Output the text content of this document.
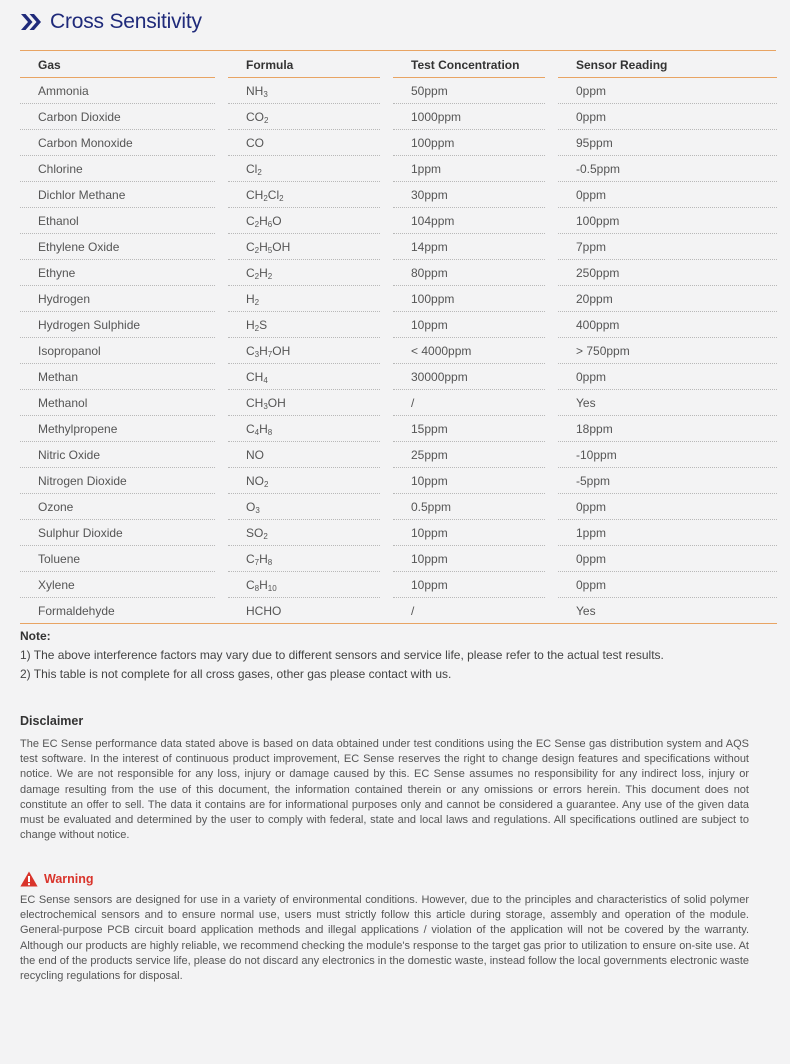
Cross Sensitivity
Gas		Formula		Test Concentration		Sensor Reading
Ammonia		$NH_3$		50ppm		0ppm
Carbon Dioxide		$CO_2$		1000ppm		0ppm
Carbon Monoxide		CO		100ppm		95ppm
Chlorine		$Cl_2$		1ppm		-0.5ppm
Dichlor Methane		$CH_2Cl_2$		30ppm		0ppm
Ethanol		$C_2H_6O$		104ppm		100ppm
Ethylene Oxide		$C_2H_5OH$		14ppm		7ppm
Ethyne		$C_2H_2$		80ppm		250ppm
Hydrogen		$H_2$		100ppm		20ppm
Hydrogen Sulphide		$H_2S$		10ppm		400ppm
Isopropanol		$C_3H_7OH$		< 4000ppm		> 750ppm
Methan		$CH_4$		30000ppm		0ppm
Methanol		$CH_3OH$		/		Yes
Methylpropene		$C_4H_8$		15ppm		18ppm
Nitric Oxide		NO		25ppm		-10ppm
Nitrogen Dioxide		$NO_2$		10ppm		-5ppm
Ozone		$O_3$		0.5ppm		0ppm
Sulphur Dioxide		$SO_2$		10ppm		1ppm
Toluene		$C_7H_8$		10ppm		0ppm
Xylene		$C_8H_{10}$		10ppm		0ppm
Formaldehyde		HCHO		/		Yes
Note:
1) The above interference factors may vary due to different sensors and service life, please refer to the actual test results.
2) This table is not complete for all cross gases, other gas please contact with us.
Disclaimer
The EC Sense performance data stated above is based on data obtained under test conditions using the EC Sense gas distribution system and AQS test software. In the interest of continuous product improvement, EC Sense reserves the right to change design features and specifications without notice. We are not responsible for any loss, injury or damage caused by this. EC Sense assumes no responsibility for any indirect loss, injury or damage resulting from the use of this document, the information contained therein or any omissions or errors herein. This document does not constitute an offer to sell. The data it contains are for informational purposes only and cannot be considered a guarantee. Any use of the given data must be evaluated and determined by the user to comply with federal, state and local laws and regulations. All specifications outlined are subject to change without notice.
Warning
EC Sense sensors are designed for use in a variety of environmental conditions. However, due to the principles and characteristics of solid polymer electrochemical sensors and to ensure normal use, users must strictly follow this article during storage, assembly and operation of the module. General-purpose PCB circuit board application methods and illegal applications / violation of the application will not be covered by the warranty. Although our products are highly reliable, we recommend checking the module's response to the target gas prior to utilization to ensure on-site use. At the end of the products service life, please do not discard any electronics in the domestic waste, instead follow the local governments electronic waste recycling regulations for disposal.
